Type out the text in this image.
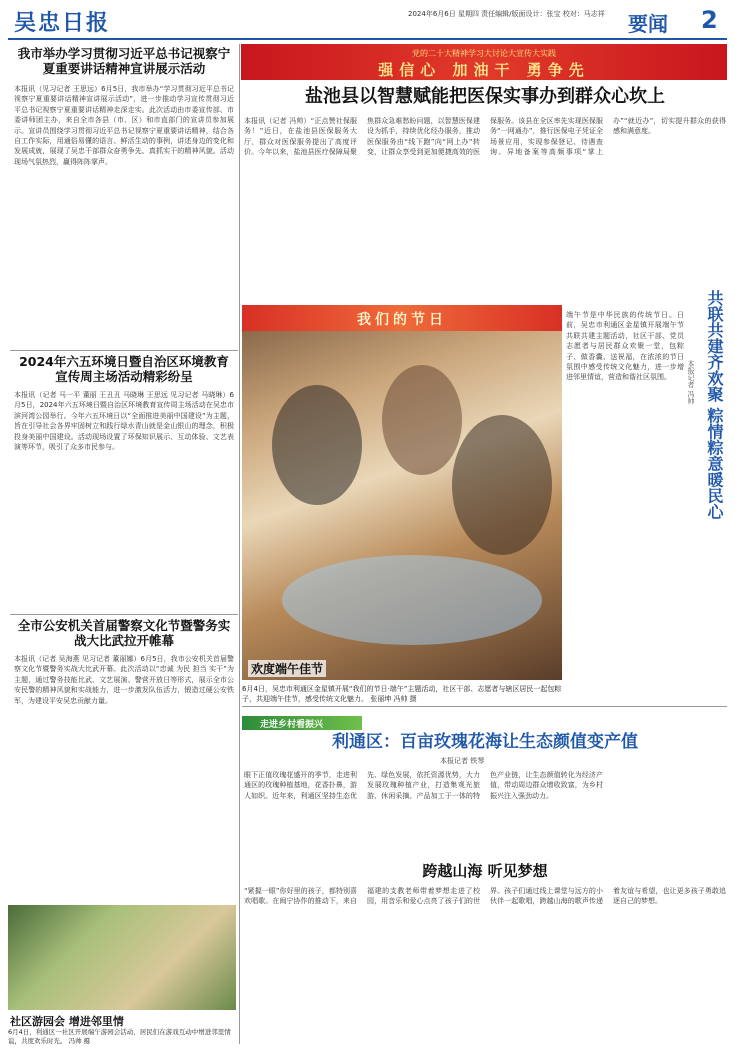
吴忠日报	2024年6月6日 星期四 责任编辑/版面设计：张宝 校对：马志祥 要闻 2
我市举办学习贯彻习近平总书记视察宁夏重要讲话精神宣讲展示活动
本报讯（见习记者 王思远）6月5日，我市举办“学习贯彻习近平总书记视察宁夏重要讲话精神宣讲展示活动”，进一步推动学习宣传贯彻习近平总书记视察宁夏重要讲话精神走深走实。此次活动由市委宣传部、市委讲师团主办，来自全市各县（市、区）和市直部门的宣讲员参加展示。宣讲员围绕学习贯彻习近平总书记视察宁夏重要讲话精神，结合各自工作实际，用通俗易懂的语言、鲜活生动的事例，讲述身边的变化和发展成就，展现了吴忠干部群众奋勇争先、真抓实干的精神风貌。活动现场气氛热烈，赢得阵阵掌声。
2024年六五环境日暨自治区环境教育宣传周主场活动精彩纷呈
本报讯（记者 马一平 董丽 王丑丑 马晓琳 王思远 见习记者 马晓琳）6月5日，2024年六五环境日暨自治区环境教育宣传周主场活动在吴忠市滨河湾公园举行。今年六五环境日以“全面推进美丽中国建设”为主题，旨在引导社会各界牢固树立和践行绿水青山就是金山银山的理念，积极投身美丽中国建设。活动现场设置了环保知识展示、互动体验、文艺表演等环节，吸引了众多市民参与。
全市公安机关首届警察文化节暨警务实战大比武拉开帷幕
本报讯（记者 吴海燕 见习记者 董丽娜）6月5日，我市公安机关首届警察文化节暨警务实战大比武开幕。此次活动以“忠诚 为民 担当 实干”为主题，通过警务技能比武、文艺展演、警营开放日等形式，展示全市公安民警的精神风貌和实战能力，进一步激发队伍活力，锻造过硬公安铁军，为建设平安吴忠贡献力量。
社区游园会 增进邻里情
6月4日，利通区一社区开展端午游园会活动，居民们在游戏互动中增进邻里情谊，共度欢乐时光。 冯帅 摄
党的二十大精神学习大讨论大宣传大实践
强信心 加油干 勇争先
盐池县以智慧赋能把医保实事办到群众心坎上
本报讯（记者 冯帅）“正点赞社保服务！”近日，在盐池县医保服务大厅，群众对医保服务提出了高度评价。今年以来，盐池县医疗保障局聚焦群众急难愁盼问题，以智慧医保建设为抓手，持续优化经办服务，推动医保服务由“线下跑”向“网上办”转变，让群众享受到更加便捷高效的医保服务。该县在全区率先实现医保服务“一网通办”，推行医保电子凭证全场景应用，实现参保登记、待遇查询、异地备案等高频事项“掌上办”“就近办”，切实提升群众的获得感和满意度。
我们的节日
欢度端午佳节
6月4日，吴忠市利通区金星镇开展“我们的节日·端午”主题活动，社区干部、志愿者与辖区居民一起包粽子，共迎端午佳节，感受传统文化魅力。 张丽坤 冯帅 摄
端午节是中华民族的传统节日。日前，吴忠市利通区金星镇开展端午节共联共建主题活动，社区干部、党员志愿者与居民群众欢聚一堂，包粽子、做香囊、送祝福，在浓浓的节日氛围中感受传统文化魅力，进一步增进邻里情谊，营造和谐社区氛围。	共联共建齐欢聚 粽情粽意暖民心
本报记者 冯帅
利通区：百亩玫瑰花海让生态颜值变产值
本报记者 铁琴
走进乡村看振兴
眼下正值玫瑰花盛开的季节，走进利通区的玫瑰种植基地，花香扑鼻，游人如织。近年来，利通区坚持生态优先、绿色发展，依托资源优势，大力发展玫瑰种植产业，打造集观光旅游、休闲采摘、产品加工于一体的特色产业链，让生态颜值转化为经济产值，带动周边群众增收致富，为乡村振兴注入强劲动力。
跨越山海 听见梦想
“紧握一眼”你好里的孩子，都特别喜欢唱歌。在闽宁协作的推动下，来自福建的支教老师带着梦想走进了校园，用音乐和爱心点亮了孩子们的世界。孩子们通过线上课堂与远方的小伙伴一起歌唱，跨越山海的歌声传递着友谊与希望，也让更多孩子勇敢追逐自己的梦想。
